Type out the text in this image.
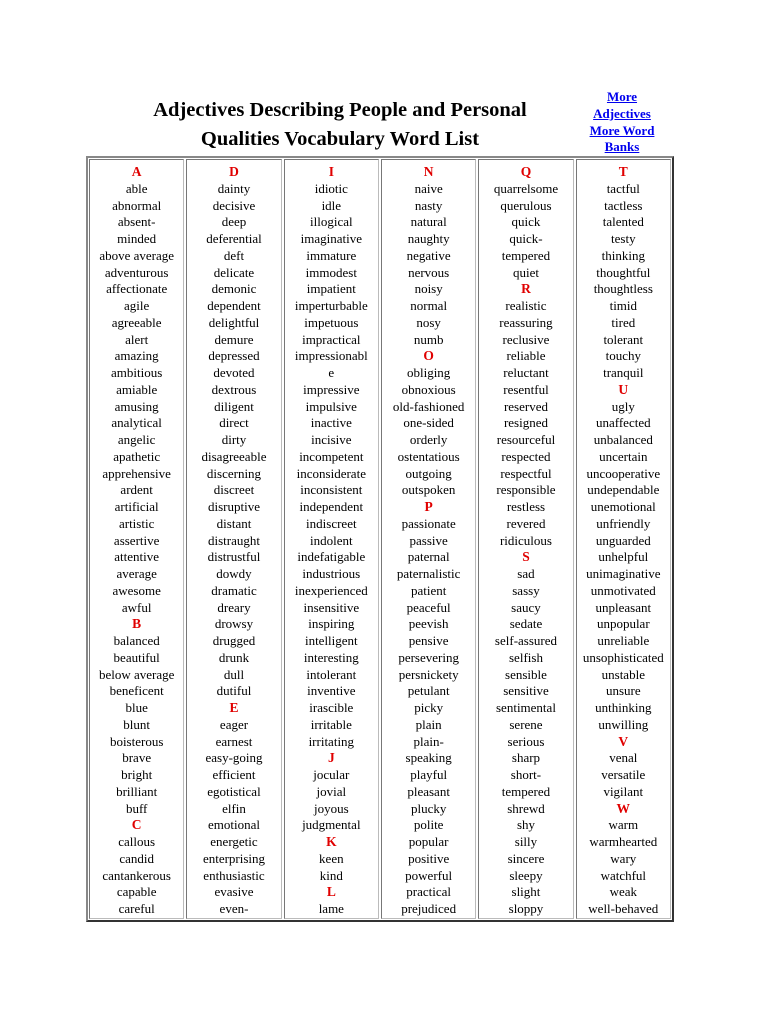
Adjectives Describing People and Personal
Qualities Vocabulary Word List
More
Adjectives
More Word
Banks
A
able
abnormal
absent-
minded
above average
adventurous
affectionate
agile
agreeable
alert
amazing
ambitious
amiable
amusing
analytical
angelic
apathetic
apprehensive
ardent
artificial
artistic
assertive
attentive
average
awesome
awful
B
balanced
beautiful
below average
beneficent
blue
blunt
boisterous
brave
bright
brilliant
buff
C
callous
candid
cantankerous
capable
careful
D
dainty
decisive
deep
deferential
deft
delicate
demonic
dependent
delightful
demure
depressed
devoted
dextrous
diligent
direct
dirty
disagreeable
discerning
discreet
disruptive
distant
distraught
distrustful
dowdy
dramatic
dreary
drowsy
drugged
drunk
dull
dutiful
E
eager
earnest
easy-going
efficient
egotistical
elfin
emotional
energetic
enterprising
enthusiastic
evasive
even-
I
idiotic
idle
illogical
imaginative
immature
immodest
impatient
imperturbable
impetuous
impractical
impressionabl
e
impressive
impulsive
inactive
incisive
incompetent
inconsiderate
inconsistent
independent
indiscreet
indolent
indefatigable
industrious
inexperienced
insensitive
inspiring
intelligent
interesting
intolerant
inventive
irascible
irritable
irritating
J
jocular
jovial
joyous
judgmental
K
keen
kind
L
lame
N
naive
nasty
natural
naughty
negative
nervous
noisy
normal
nosy
numb
O
obliging
obnoxious
old-fashioned
one-sided
orderly
ostentatious
outgoing
outspoken
P
passionate
passive
paternal
paternalistic
patient
peaceful
peevish
pensive
persevering
persnickety
petulant
picky
plain
plain-
speaking
playful
pleasant
plucky
polite
popular
positive
powerful
practical
prejudiced
Q
quarrelsome
querulous
quick
quick-
tempered
quiet
R
realistic
reassuring
reclusive
reliable
reluctant
resentful
reserved
resigned
resourceful
respected
respectful
responsible
restless
revered
ridiculous
S
sad
sassy
saucy
sedate
self-assured
selfish
sensible
sensitive
sentimental
serene
serious
sharp
short-
tempered
shrewd
shy
silly
sincere
sleepy
slight
sloppy
T
tactful
tactless
talented
testy
thinking
thoughtful
thoughtless
timid
tired
tolerant
touchy
tranquil
U
ugly
unaffected
unbalanced
uncertain
uncooperative
undependable
unemotional
unfriendly
unguarded
unhelpful
unimaginative
unmotivated
unpleasant
unpopular
unreliable
unsophisticated
unstable
unsure
unthinking
unwilling
V
venal
versatile
vigilant
W
warm
warmhearted
wary
watchful
weak
well-behaved
